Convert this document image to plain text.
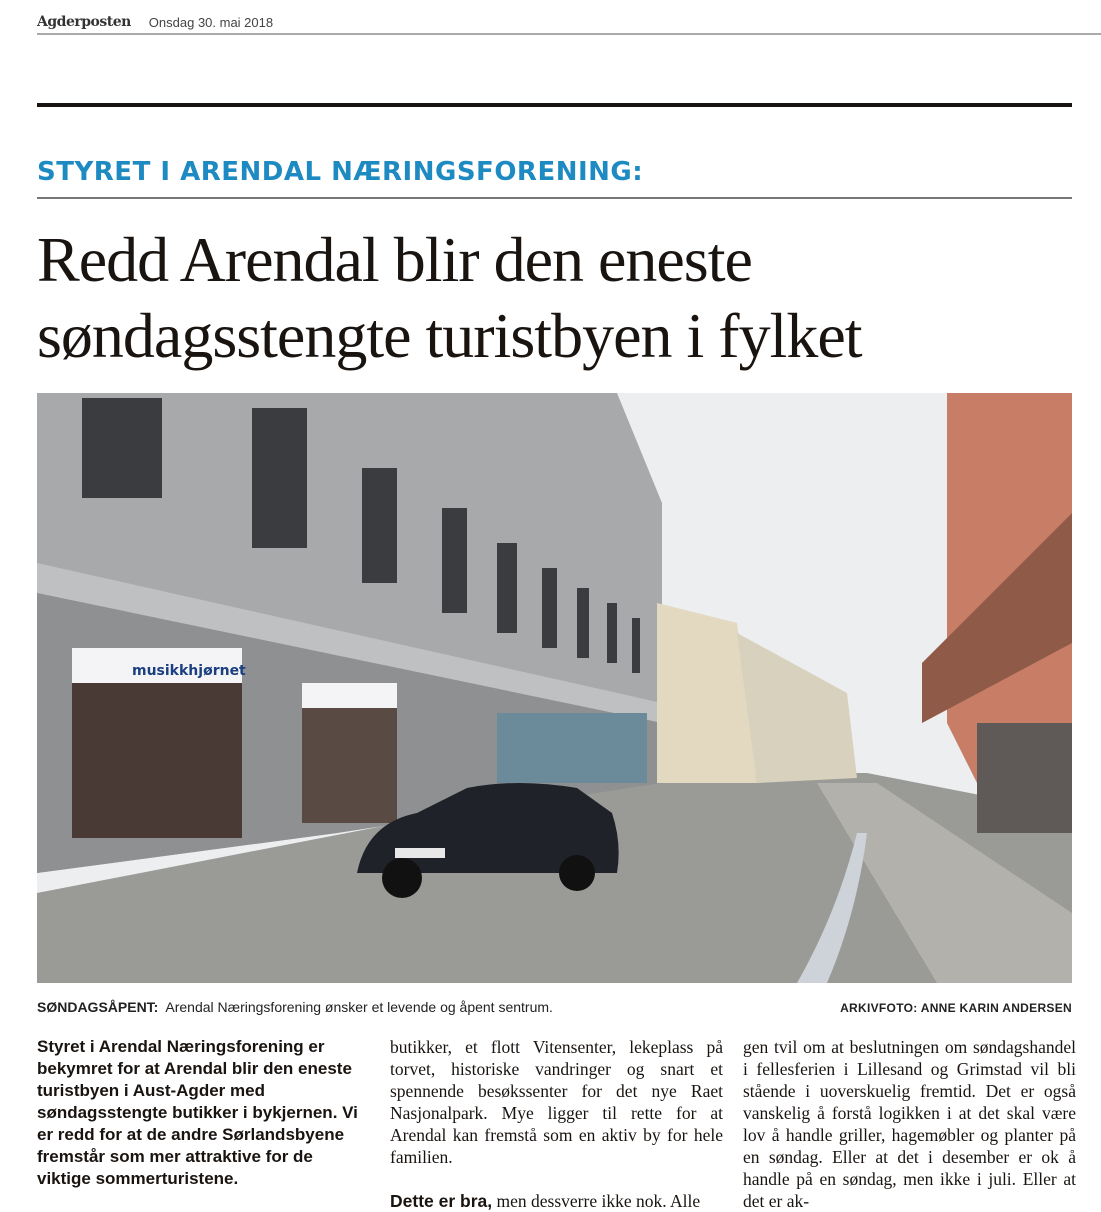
Agderposten Onsdag 30. mai 2018
STYRET I ARENDAL NÆRINGSFORENING:
Redd Arendal blir den eneste
søndagsstengte turistbyen i fylket
musikkhjørnet
SØNDAGSÅPENT: Arendal Næringsforening ønsker et levende og åpent sentrum.	ARKIVFOTO: ANNE KARIN ANDERSEN
Styret i Arendal Næringsforening er bekymret for at Arendal blir den eneste turistbyen i Aust-Agder med søndagsstengte butikker i bykjernen. Vi er redd for at de andre Sørlandsbyene fremstår som mer attraktive for de viktige sommerturistene.

butikker, et flott Vitensenter, lekeplass på torvet, historiske vandringer og snart et spennende besøkssenter for det nye Raet Nasjonalpark. Mye ligger til rette for at Arendal kan fremstå som en aktiv by for hele familien.

Dette er bra, men dessverre ikke nok. Alle

gen tvil om at beslutningen om søndagshandel i fellesferien i Lillesand og Grimstad vil bli stående i uoverskuelig fremtid. Det er også vanskelig å forstå logikken i at det skal være lov å handle griller, hagemøbler og planter på en søndag. Eller at det i desember er ok å handle på en søndag, men ikke i juli. Eller at det er ak-
